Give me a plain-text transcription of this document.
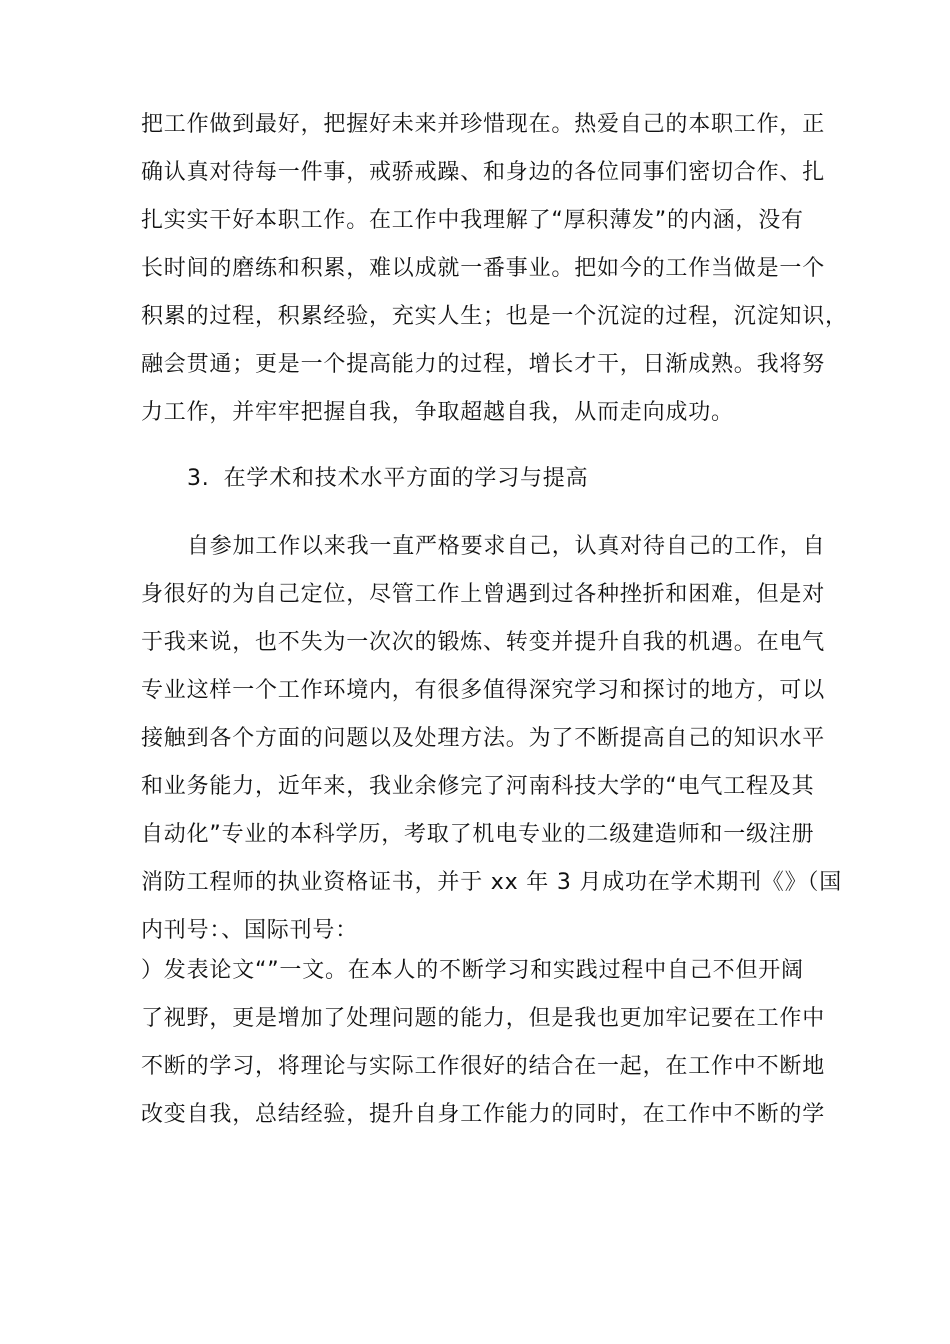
把工作做到最好，把握好未来并珍惜现在。热爱自己的本职工作，正
确认真对待每一件事，戒骄戒躁、和身边的各位同事们密切合作、扎
扎实实干好本职工作。在工作中我理解了“厚积薄发”的内涵，没有
长时间的磨练和积累，难以成就一番事业。把如今的工作当做是一个
积累的过程，积累经验，充实人生；也是一个沉淀的过程，沉淀知识，
融会贯通；更是一个提高能力的过程，增长才干，日渐成熟。我将努
力工作，并牢牢把握自我，争取超越自我，从而走向成功。
3. 在学术和技术水平方面的学习与提高
自参加工作以来我一直严格要求自己，认真对待自己的工作，自
身很好的为自己定位，尽管工作上曾遇到过各种挫折和困难，但是对
于我来说，也不失为一次次的锻炼、转变并提升自我的机遇。在电气
专业这样一个工作环境内，有很多值得深究学习和探讨的地方，可以
接触到各个方面的问题以及处理方法。为了不断提高自己的知识水平
和业务能力，近年来，我业余修完了河南科技大学的“电气工程及其
自动化”专业的本科学历，考取了机电专业的二级建造师和一级注册
消防工程师的执业资格证书，并于 xx 年 3 月成功在学术期刊《》（国
内刊号：、国际刊号：
）发表论文“”一文。在本人的不断学习和实践过程中自己不但开阔
了视野，更是增加了处理问题的能力，但是我也更加牢记要在工作中
不断的学习，将理论与实际工作很好的结合在一起，在工作中不断地
改变自我，总结经验，提升自身工作能力的同时，在工作中不断的学
